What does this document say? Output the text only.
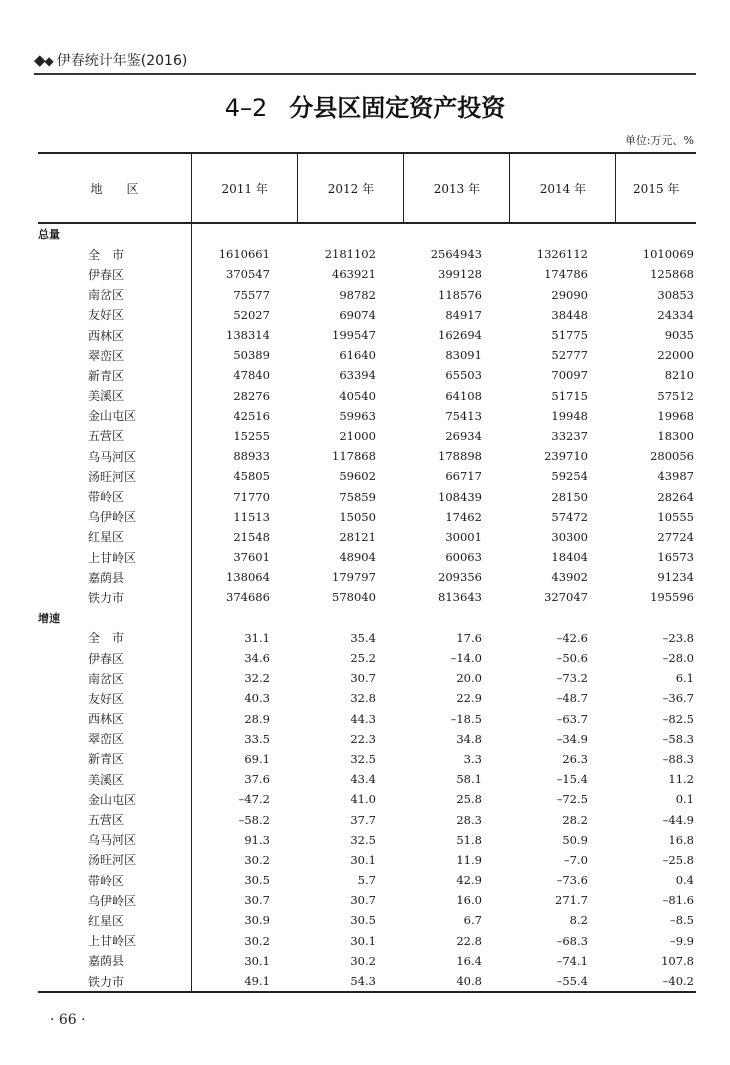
◆◆ 伊春统计年鉴(2016)
4–2 分县区固定资产投资
单位:万元、%
地区	2011 年	2012 年	2013 年	2014 年	2015 年
总量					
全　市	1610661	2181102	2564943	1326112	1010069
伊春区	370547	463921	399128	174786	125868
南岔区	75577	98782	118576	29090	30853
友好区	52027	69074	84917	38448	24334
西林区	138314	199547	162694	51775	9035
翠峦区	50389	61640	83091	52777	22000
新青区	47840	63394	65503	70097	8210
美溪区	28276	40540	64108	51715	57512
金山屯区	42516	59963	75413	19948	19968
五营区	15255	21000	26934	33237	18300
乌马河区	88933	117868	178898	239710	280056
汤旺河区	45805	59602	66717	59254	43987
带岭区	71770	75859	108439	28150	28264
乌伊岭区	11513	15050	17462	57472	10555
红星区	21548	28121	30001	30300	27724
上甘岭区	37601	48904	60063	18404	16573
嘉荫县	138064	179797	209356	43902	91234
铁力市	374686	578040	813643	327047	195596
增速					
全　市	31.1	35.4	17.6	–42.6	–23.8
伊春区	34.6	25.2	–14.0	–50.6	–28.0
南岔区	32.2	30.7	20.0	–73.2	6.1
友好区	40.3	32.8	22.9	–48.7	–36.7
西林区	28.9	44.3	–18.5	–63.7	–82.5
翠峦区	33.5	22.3	34.8	–34.9	–58.3
新青区	69.1	32.5	3.3	26.3	–88.3
美溪区	37.6	43.4	58.1	–15.4	11.2
金山屯区	–47.2	41.0	25.8	–72.5	0.1
五营区	–58.2	37.7	28.3	28.2	–44.9
乌马河区	91.3	32.5	51.8	50.9	16.8
汤旺河区	30.2	30.1	11.9	–7.0	–25.8
带岭区	30.5	5.7	42.9	–73.6	0.4
乌伊岭区	30.7	30.7	16.0	271.7	–81.6
红星区	30.9	30.5	6.7	8.2	–8.5
上甘岭区	30.2	30.1	22.8	–68.3	–9.9
嘉荫县	30.1	30.2	16.4	–74.1	107.8
铁力市	49.1	54.3	40.8	–55.4	–40.2
· 66 ·
